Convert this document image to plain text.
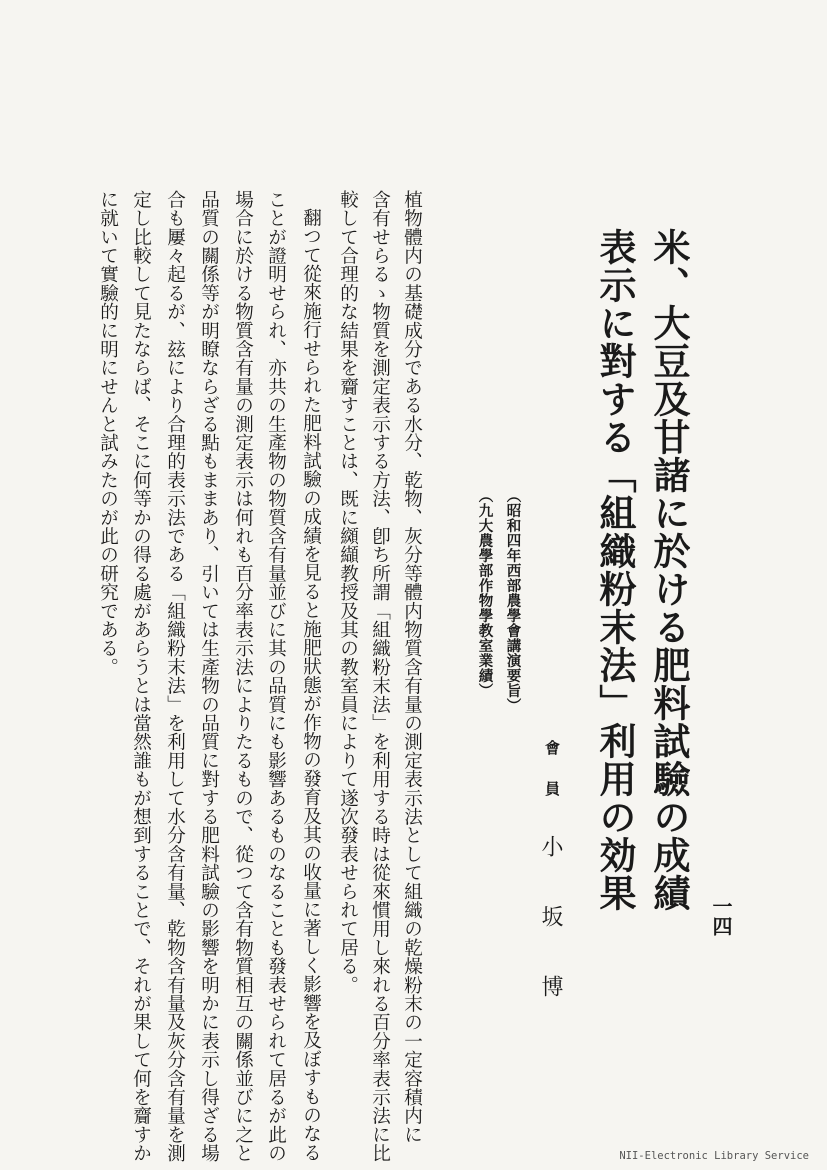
米、大豆及甘諸に於ける肥料試驗の成績
表示に對する「組織粉末法」利用の効果
（昭和四年西部農學會講演要旨）
（九大農學部作物學教室業績）
會員
小坂博	一四
植物體内の基礎成分である水分、乾物、灰分等體内物質含有量の測定表示法として組織の乾燥粉末の一定容積内に
含有せらるゝ物質を測定表示する方法、卽ち所謂「組織粉末法」を利用する時は從來慣用し來れる百分率表示法に比
較して合理的な結果を齎すことは、既に纐纈教授及其の教室員によりて遂次發表せられて居る。
翻つて從來施行せられた肥料試驗の成績を見ると施肥狀態が作物の發育及其の收量に著しく影響を及ぼすものなる
ことが證明せられ、亦共の生產物の物質含有量並びに其の品質にも影響あるものなることも發表せられて居るが此の
場合に於ける物質含有量の測定表示は何れも百分率表示法によりたるもので、從つて含有物質相互の關係並びに之と
品質の關係等が明瞭ならざる點もままあり、引いては生產物の品質に對する肥料試驗の影響を明かに表示し得ざる場
合も屢々起るが、玆により合理的表示法である「組織粉末法」を利用して水分含有量、乾物含有量及灰分含有量を測
定し比較して見たならば、そこに何等かの得る處があらうとは當然誰もが想到することで、それが果して何を齎すか
に就いて實驗的に明にせんと試みたのが此の研究である。
NII-Electronic Library Service
